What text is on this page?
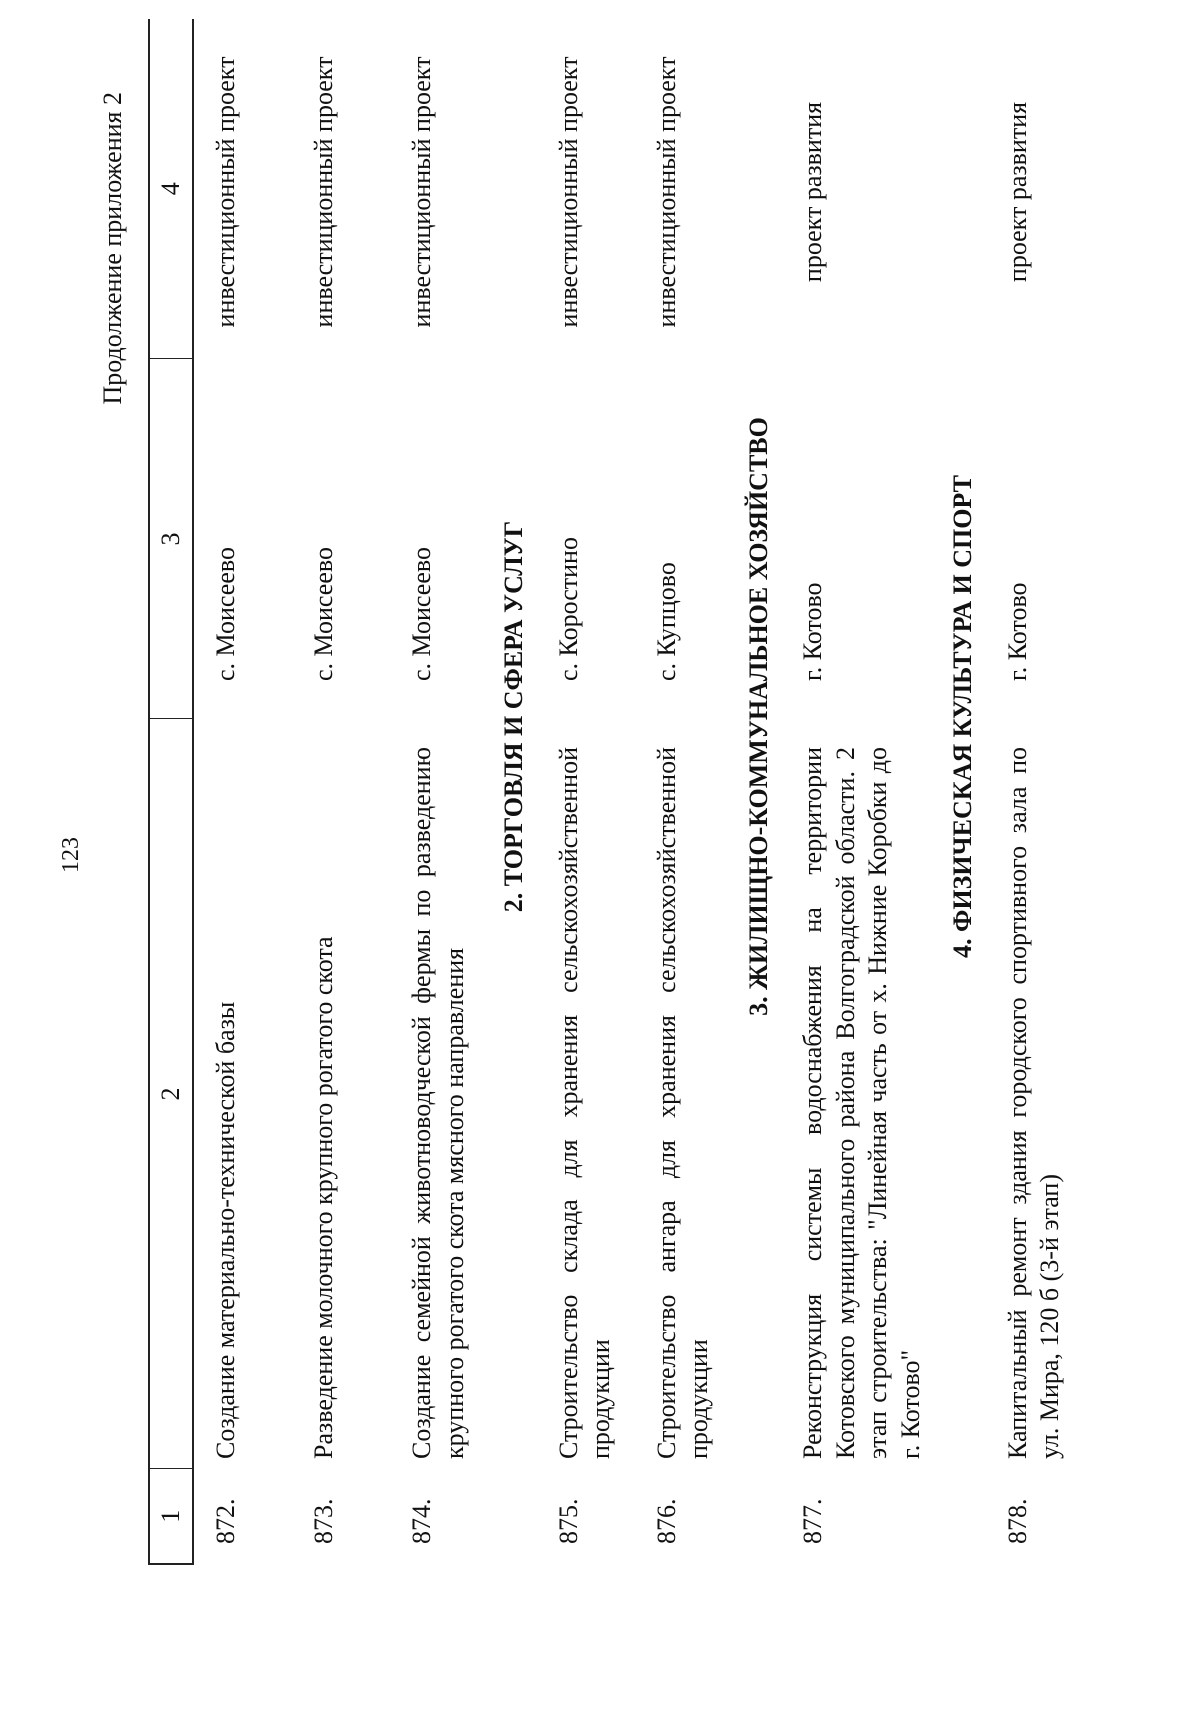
123
Продолжение приложения 2
1	2	3	4
872.	Создание материально-технической базы	с. Моисеево	инвестиционный проект
873.	Разведение молочного крупного рогатого скота	с. Моисеево	инвестиционный проект
874.	Создание семейной животноводческой фермы по разведению крупного рогатого скота мясного направления	с. Моисеево	инвестиционный проект
2. ТОРГОВЛЯ И СФЕРА УСЛУГ			
875.	Строительство склада для хранения сельскохозяйственной продукции	с. Коростино	инвестиционный проект
876.	Строительство ангара для хранения сельскохозяйственной продукции	с. Купцово	инвестиционный проект
3. ЖИЛИЩНО-КОММУНАЛЬНОЕ ХОЗЯЙСТВО			
877.	Реконструкция системы водоснабжения на территории Котовского муниципального района Волгоградской области. 2 этап строительства: "Линейная часть от х. Нижние Коробки до г. Котово"	г. Котово	проект развития
4. ФИЗИЧЕСКАЯ КУЛЬТУРА И СПОРТ			
878.	Капитальный ремонт здания городского спортивного зала по ул. Мира, 120 б (3-й этап)	г. Котово	проект развития
